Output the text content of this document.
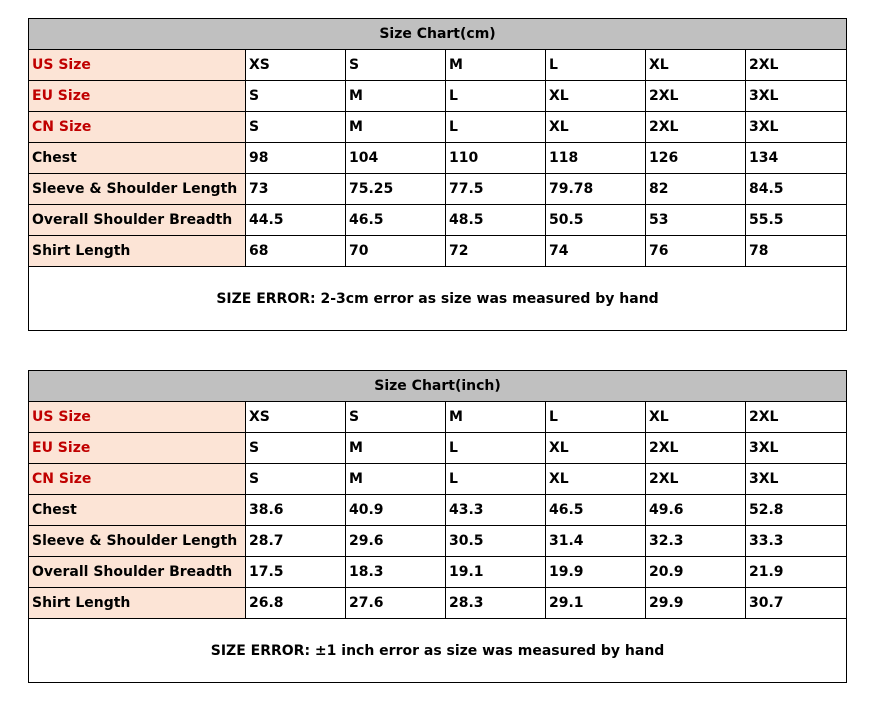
Size Chart(cm)						
US Size	XS	S	M	L	XL	2XL
EU Size	S	M	L	XL	2XL	3XL
CN Size	S	M	L	XL	2XL	3XL
Chest	98	104	110	118	126	134
Sleeve & Shoulder Length	73	75.25	77.5	79.78	82	84.5
Overall Shoulder Breadth	44.5	46.5	48.5	50.5	53	55.5
Shirt Length	68	70	72	74	76	78
SIZE ERROR: 2-3cm error as size was measured by hand						
Size Chart(inch)						
US Size	XS	S	M	L	XL	2XL
EU Size	S	M	L	XL	2XL	3XL
CN Size	S	M	L	XL	2XL	3XL
Chest	38.6	40.9	43.3	46.5	49.6	52.8
Sleeve & Shoulder Length	28.7	29.6	30.5	31.4	32.3	33.3
Overall Shoulder Breadth	17.5	18.3	19.1	19.9	20.9	21.9
Shirt Length	26.8	27.6	28.3	29.1	29.9	30.7
SIZE ERROR: ±1 inch error as size was measured by hand						
